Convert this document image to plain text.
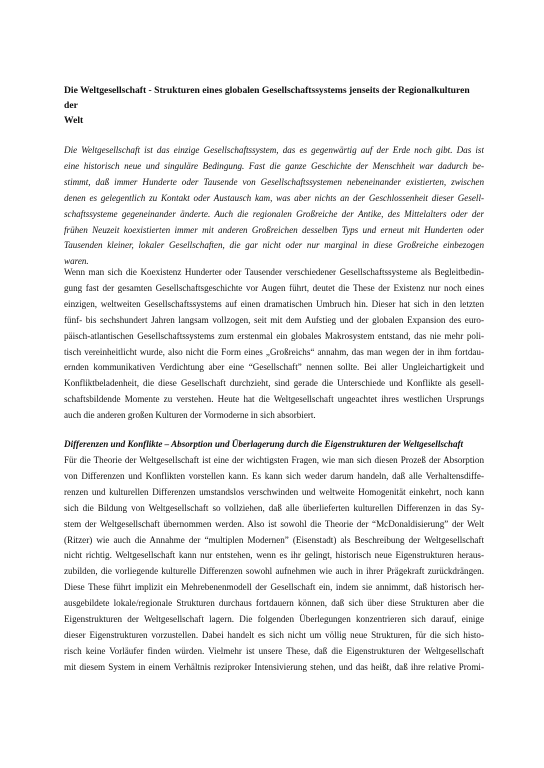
Die Weltgesellschaft - Strukturen eines globalen Gesellschaftssystems jenseits der Regionalkulturen der
Welt
Die Weltgesellschaft ist das einzige Gesellschaftssystem, das es gegenwärtig auf der Erde noch gibt. Das ist
eine historisch neue und singuläre Bedingung. Fast die ganze Geschichte der Menschheit war dadurch be-
stimmt, daß immer Hunderte oder Tausende von Gesellschaftssystemen nebeneinander existierten, zwischen
denen es gelegentlich zu Kontakt oder Austausch kam, was aber nichts an der Geschlossenheit dieser Gesell-
schaftssysteme gegeneinander änderte. Auch die regionalen Großreiche der Antike, des Mittelalters oder der
frühen Neuzeit koexistierten immer mit anderen Großreichen desselben Typs und erneut mit Hunderten oder
Tausenden kleiner, lokaler Gesellschaften, die gar nicht oder nur marginal in diese Großreiche einbezogen
waren.
Wenn man sich die Koexistenz Hunderter oder Tausender verschiedener Gesellschaftssysteme als Begleitbedin-
gung fast der gesamten Gesellschaftsgeschichte vor Augen führt, deutet die These der Existenz nur noch eines
einzigen, weltweiten Gesellschaftssystems auf einen dramatischen Umbruch hin. Dieser hat sich in den letzten
fünf- bis sechshundert Jahren langsam vollzogen, seit mit dem Aufstieg und der globalen Expansion des euro-
päisch-atlantischen Gesellschaftssystems zum erstenmal ein globales Makrosystem entstand, das nie mehr poli-
tisch vereinheitlicht wurde, also nicht die Form eines „Großreichs“ annahm, das man wegen der in ihm fortdau-
ernden kommunikativen Verdichtung aber eine “Gesellschaft” nennen sollte. Bei aller Ungleichartigkeit und
Konfliktbeladenheit, die diese Gesellschaft durchzieht, sind gerade die Unterschiede und Konflikte als gesell-
schaftsbildende Momente zu verstehen. Heute hat die Weltgesellschaft ungeachtet ihres westlichen Ursprungs
auch die anderen großen Kulturen der Vormoderne in sich absorbiert.
Differenzen und Konflikte – Absorption und Überlagerung durch die Eigenstrukturen der Weltgesellschaft
Für die Theorie der Weltgesellschaft ist eine der wichtigsten Fragen, wie man sich diesen Prozeß der Absorption
von Differenzen und Konflikten vorstellen kann. Es kann sich weder darum handeln, daß alle Verhaltensdiffe-
renzen und kulturellen Differenzen umstandslos verschwinden und weltweite Homogenität einkehrt, noch kann
sich die Bildung von Weltgesellschaft so vollziehen, daß alle überlieferten kulturellen Differenzen in das Sy-
stem der Weltgesellschaft übernommen werden. Also ist sowohl die Theorie der “McDonaldisierung” der Welt
(Ritzer) wie auch die Annahme der “multiplen Modernen” (Eisenstadt) als Beschreibung der Weltgesellschaft
nicht richtig. Weltgesellschaft kann nur entstehen, wenn es ihr gelingt, historisch neue Eigenstrukturen heraus-
zubilden, die vorliegende kulturelle Differenzen sowohl aufnehmen wie auch in ihrer Prägekraft zurückdrängen.
Diese These führt implizit ein Mehrebenenmodell der Gesellschaft ein, indem sie annimmt, daß historisch her-
ausgebildete lokale/regionale Strukturen durchaus fortdauern können, daß sich über diese Strukturen aber die
Eigenstrukturen der Weltgesellschaft lagern. Die folgenden Überlegungen konzentrieren sich darauf, einige
dieser Eigenstrukturen vorzustellen. Dabei handelt es sich nicht um völlig neue Strukturen, für die sich histo-
risch keine Vorläufer finden würden. Vielmehr ist unsere These, daß die Eigenstrukturen der Weltgesellschaft
mit diesem System in einem Verhältnis reziproker Intensivierung stehen, und das heißt, daß ihre relative Promi-
